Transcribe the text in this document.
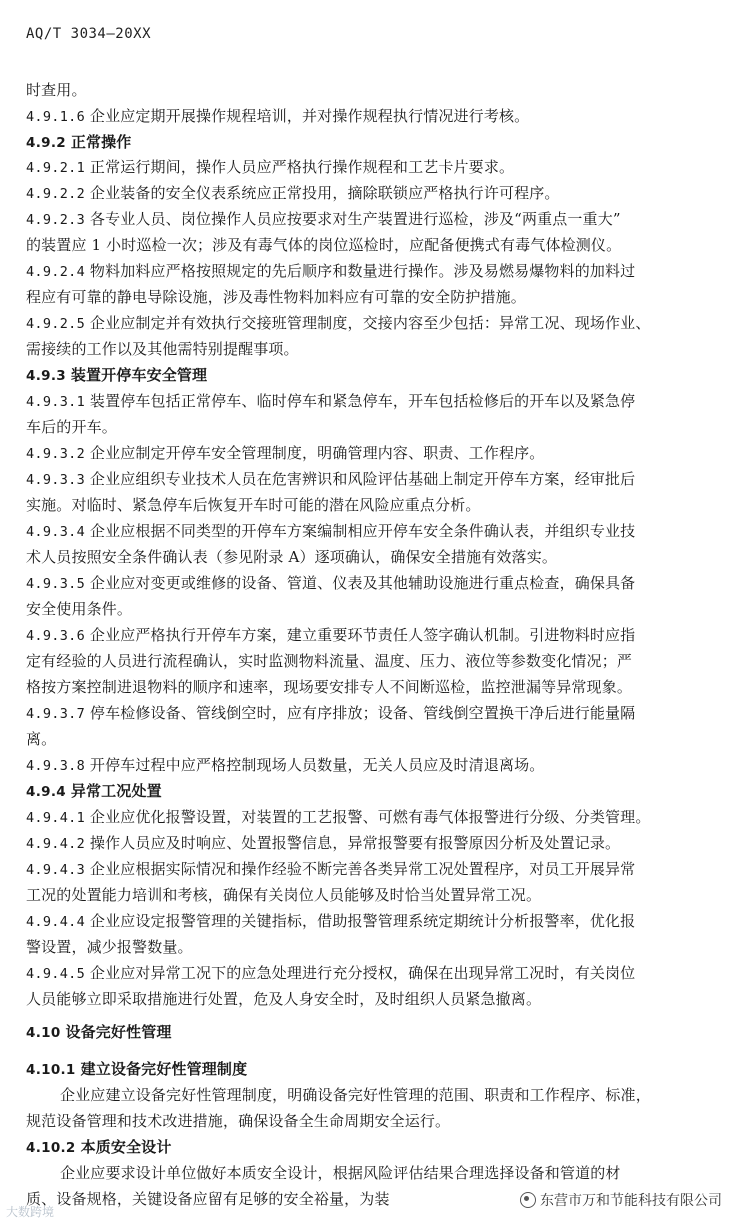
AQ/T 3034—20XX
时查用。
4.9.1.6 企业应定期开展操作规程培训，并对操作规程执行情况进行考核。
4.9.2 正常操作
4.9.2.1 正常运行期间，操作人员应严格执行操作规程和工艺卡片要求。
4.9.2.2 企业装备的安全仪表系统应正常投用，摘除联锁应严格执行许可程序。
4.9.2.3 各专业人员、岗位操作人员应按要求对生产装置进行巡检，涉及“两重点一重大”
的装置应 1 小时巡检一次；涉及有毒气体的岗位巡检时，应配备便携式有毒气体检测仪。
4.9.2.4 物料加料应严格按照规定的先后顺序和数量进行操作。涉及易燃易爆物料的加料过
程应有可靠的静电导除设施，涉及毒性物料加料应有可靠的安全防护措施。
4.9.2.5 企业应制定并有效执行交接班管理制度，交接内容至少包括：异常工况、现场作业、
需接续的工作以及其他需特别提醒事项。
4.9.3 装置开停车安全管理
4.9.3.1 装置停车包括正常停车、临时停车和紧急停车，开车包括检修后的开车以及紧急停
车后的开车。
4.9.3.2 企业应制定开停车安全管理制度，明确管理内容、职责、工作程序。
4.9.3.3 企业应组织专业技术人员在危害辨识和风险评估基础上制定开停车方案，经审批后
实施。对临时、紧急停车后恢复开车时可能的潜在风险应重点分析。
4.9.3.4 企业应根据不同类型的开停车方案编制相应开停车安全条件确认表，并组织专业技
术人员按照安全条件确认表（参见附录 A）逐项确认，确保安全措施有效落实。
4.9.3.5 企业应对变更或维修的设备、管道、仪表及其他辅助设施进行重点检查，确保具备
安全使用条件。
4.9.3.6 企业应严格执行开停车方案，建立重要环节责任人签字确认机制。引进物料时应指
定有经验的人员进行流程确认，实时监测物料流量、温度、压力、液位等参数变化情况；严
格按方案控制进退物料的顺序和速率，现场要安排专人不间断巡检，监控泄漏等异常现象。
4.9.3.7 停车检修设备、管线倒空时，应有序排放；设备、管线倒空置换干净后进行能量隔
离。
4.9.3.8 开停车过程中应严格控制现场人员数量，无关人员应及时清退离场。
4.9.4 异常工况处置
4.9.4.1 企业应优化报警设置，对装置的工艺报警、可燃有毒气体报警进行分级、分类管理。
4.9.4.2 操作人员应及时响应、处置报警信息，异常报警要有报警原因分析及处置记录。
4.9.4.3 企业应根据实际情况和操作经验不断完善各类异常工况处置程序，对员工开展异常
工况的处置能力培训和考核，确保有关岗位人员能够及时恰当处置异常工况。
4.9.4.4 企业应设定报警管理的关键指标，借助报警管理系统定期统计分析报警率，优化报
警设置，减少报警数量。
4.9.4.5 企业应对异常工况下的应急处理进行充分授权，确保在出现异常工况时，有关岗位
人员能够立即采取措施进行处置，危及人身安全时，及时组织人员紧急撤离。
4.10 设备完好性管理
4.10.1 建立设备完好性管理制度
企业应建立设备完好性管理制度，明确设备完好性管理的范围、职责和工作程序、标准，
规范设备管理和技术改进措施，确保设备全生命周期安全运行。
4.10.2 本质安全设计
企业应要求设计单位做好本质安全设计，根据风险评估结果合理选择设备和管道的材
质、设备规格，关键设备应留有足够的安全裕量，为装
大数跨境
东营市万和节能科技有限公司
